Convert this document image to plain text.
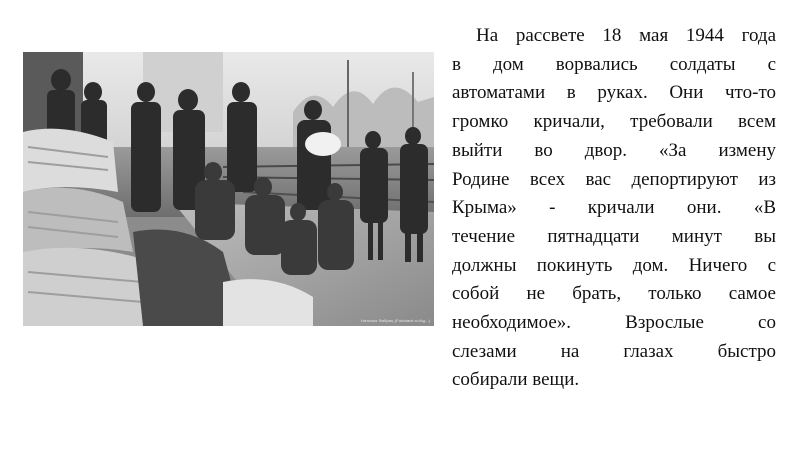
Наталья Фабриц (Fotobank.ru/Ag...)
На рассвете 18 мая 1944 года
в дом ворвались солдаты с
автоматами в руках. Они что-то
громко кричали, требовали всем
выйти во двор. «За измену
Родине всех вас депортируют из
Крыма» - кричали они. «В
течение пятнадцати минут вы
должны покинуть дом. Ничего с
собой не брать, только самое
необходимое». Взрослые со
слезами на глазах быстро
собирали вещи.
